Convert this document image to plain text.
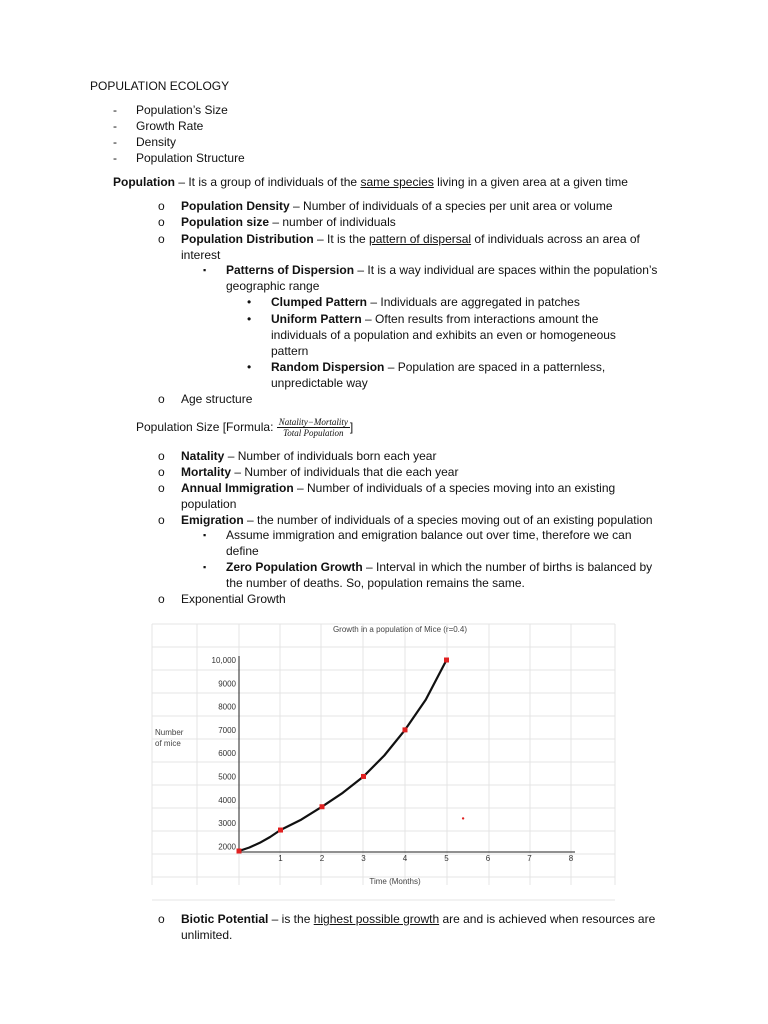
POPULATION ECOLOGY
- Population’s Size
- Growth Rate
- Density
- Population Structure
Population – It is a group of individuals of the same species living in a given area at a given time
o Population Density – Number of individuals of a species per unit area or volume
o Population size – number of individuals
o Population Distribution – It is the pattern of dispersal of individuals across an area of
interest
▪ Patterns of Dispersion – It is a way individual are spaces within the population’s
geographic range
• Clumped Pattern – Individuals are aggregated in patches
• Uniform Pattern – Often results from interactions amount the
individuals of a population and exhibits an even or homogeneous
pattern
• Random Dispersion – Population are spaced in a patternless,
unpredictable way
o Age structure
Population Size [Formula: $\frac{\text{Natality−Mortality}}{\text{Total Population}}$ ]
o Natality – Number of individuals born each year
o Mortality – Number of individuals that die each year
o Annual Immigration – Number of individuals of a species moving into an existing
population
o Emigration – the number of individuals of a species moving out of an existing population
▪ Assume immigration and emigration balance out over time, therefore we can
define
▪ Zero Population Growth – Interval in which the number of births is balanced by
the number of deaths. So, population remains the same.
o Exponential Growth
Growth in a population of Mice (r=0.4)
Number
of mice
Time (Months)
2000
3000
4000
5000
6000
7000
8000
9000
10,000
1	2	3	4	5	6	7	8
o Biotic Potential – is the highest possible growth are and is achieved when resources are
unlimited.
